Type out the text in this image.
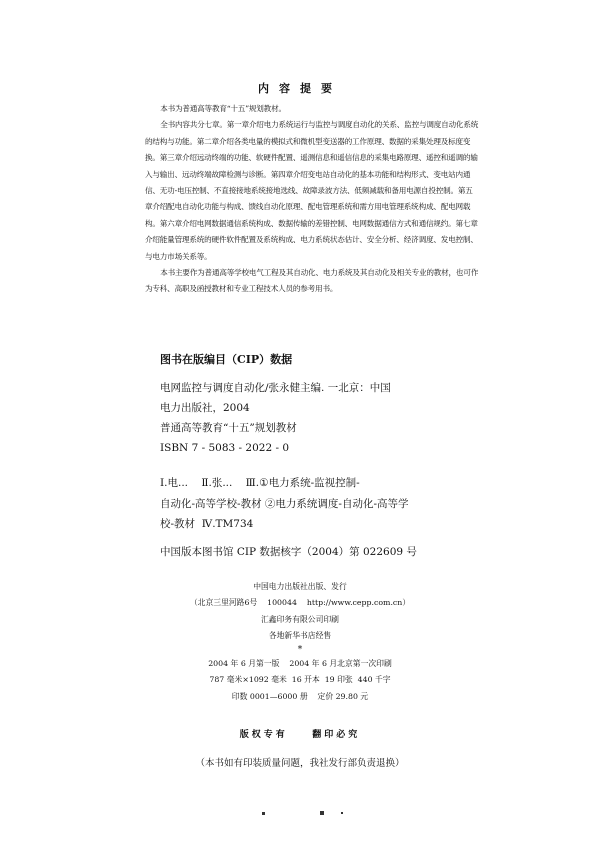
内容提要

本书为普通高等教育“十五”规划教材。

全书内容共分七章。第一章介绍电力系统运行与监控与调度自动化的关系、监控与调度自动化系统的结构与功能。第二章介绍各类电量的模拟式和微机型变送器的工作原理、数据的采集处理及标度变换。第三章介绍远动终端的功能、软硬件配置、遥测信息和遥信信息的采集电路原理、遥控和遥调的输入与输出、远动终端故障检测与诊断。第四章介绍变电站自动化的基本功能和结构形式、变电站内通信、无功-电压控制、不直接接地系统接地选线、故障录波方法、低频减载和备用电源自投控制。第五章介绍配电自动化功能与构成、馈线自动化原理、配电管理系统和需方用电管理系统构成、配电网载构。第六章介绍电网数据通信系统构成、数据传输的差错控制、电网数据通信方式和通信规约。第七章介绍能量管理系统的硬件软件配置及系统构成、电力系统状态估计、安全分析、经济调度、发电控制、与电力市场关系等。

本书主要作为普通高等学校电气工程及其自动化、电力系统及其自动化及相关专业的教材，也可作为专科、高职及函授教材和专业工程技术人员的参考用书。

图书在版编目（CIP）数据
电网监控与调度自动化/张永健主编. 一北京：中国
电力出版社，2004
普通高等教育“十五”规划教材
ISBN 7 - 5083 - 2022 - 0
Ⅰ.电...    Ⅱ.张...    Ⅲ.①电力系统-监视控制-
自动化-高等学校-教材 ②电力系统调度-自动化-高等学
校-教材  Ⅳ.TM734
中国版本图书馆 CIP 数据核字（2004）第 022609 号
中国电力出版社出版、发行
（北京三里河路6号    100044    http://www.cepp.com.cn）
汇鑫印务有限公司印刷
各地新华书店经售
*
2004 年 6 月第一版    2004 年 6 月北京第一次印刷
787 毫米×1092 毫米  16 开本  19 印张  440 千字
印数 0001—6000 册    定价 29.80 元
版权专有    翻印必究
（本书如有印装质量问题，我社发行部负责退换）
